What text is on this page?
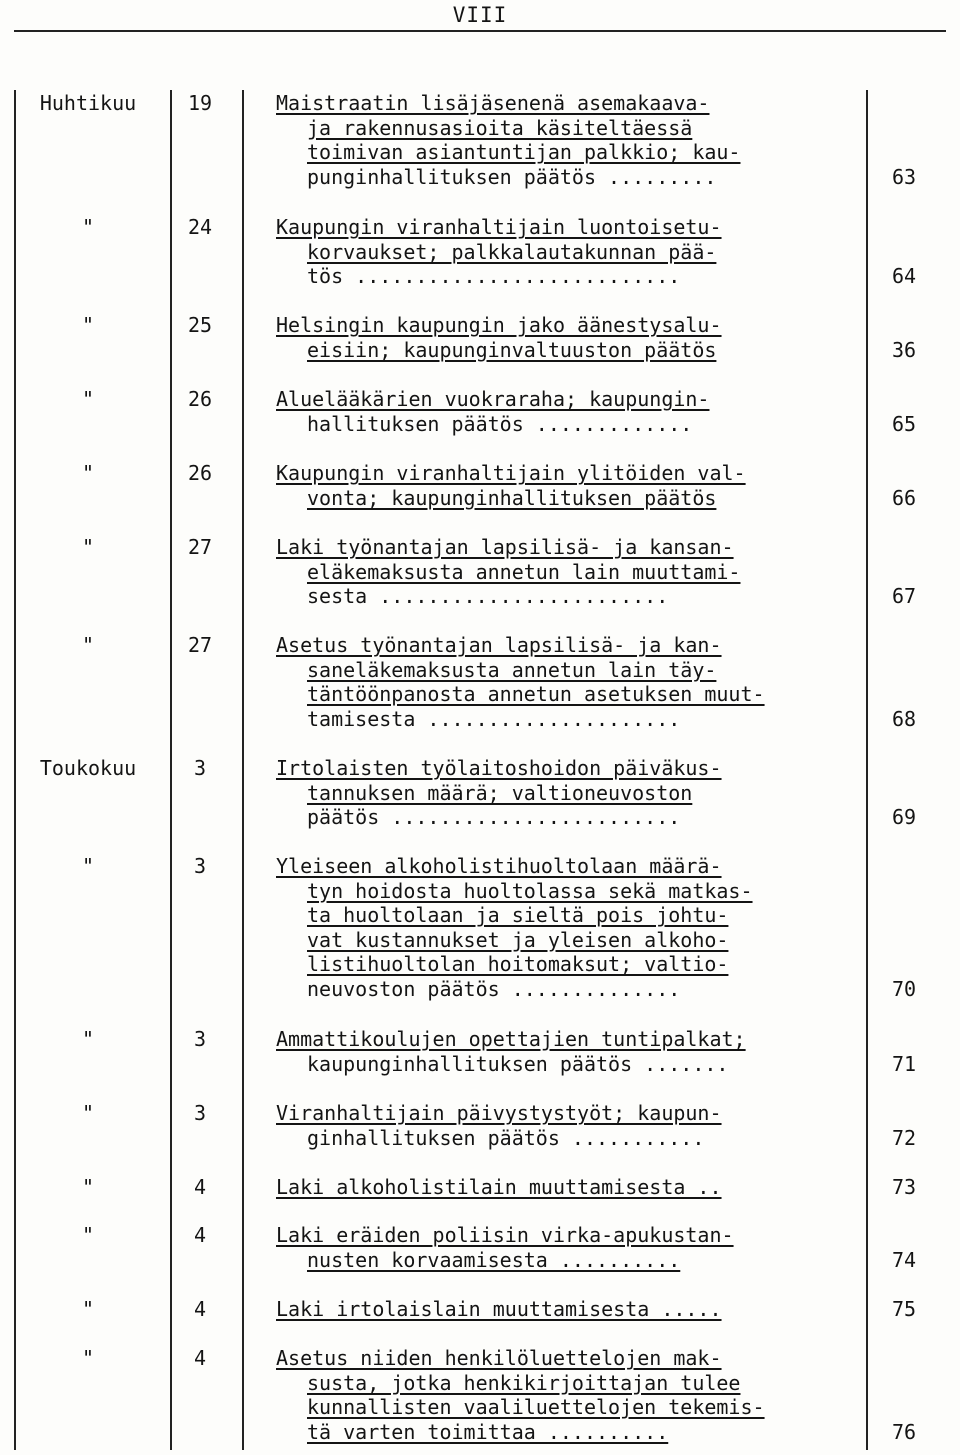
VIII
Huhtikuu	19	Maistraatin lisäjäsenenä asemakaava-
ja rakennusasioita käsiteltäessä
toimivan asiantuntijan palkkio; kau-
punginhallituksen päätös .........	63
"	24	Kaupungin viranhaltijain luontoisetu-
korvaukset; palkkalautakunnan pää-
tös ...........................	64
"	25	Helsingin kaupungin jako äänestysalu-
eisiin; kaupunginvaltuuston päätös	36
"	26	Aluelääkärien vuokraraha; kaupungin-
hallituksen päätös .............	65
"	26	Kaupungin viranhaltijain ylitöiden val-
vonta; kaupunginhallituksen päätös	66
"	27	Laki työnantajan lapsilisä- ja kansan-
eläkemaksusta annetun lain muuttami-
sesta ........................	67
"	27	Asetus työnantajan lapsilisä- ja kan-
saneläkemaksusta annetun lain täy-
täntöönpanosta annetun asetuksen muut-
tamisesta .....................	68
Toukokuu	3	Irtolaisten työlaitoshoidon päiväkus-
tannuksen määrä; valtioneuvoston
päätös ........................	69
"	3	Yleiseen alkoholistihuoltolaan määrä-
tyn hoidosta huoltolassa sekä matkas-
ta huoltolaan ja sieltä pois johtu-
vat kustannukset ja yleisen alkoho-
listihuoltolan hoitomaksut; valtio-
neuvoston päätös ..............	70
"	3	Ammattikoulujen opettajien tuntipalkat;
kaupunginhallituksen päätös .......	71
"	3	Viranhaltijain päivystystyöt; kaupun-
ginhallituksen päätös ...........	72
"	4	Laki alkoholistilain muuttamisesta ..	73
"	4	Laki eräiden poliisin virka-apukustan-
nusten korvaamisesta ..........	74
"	4	Laki irtolaislain muuttamisesta .....	75
"	4	Asetus niiden henkilöluettelojen mak-
susta, jotka henkikirjoittajan tulee
kunnallisten vaaliluettelojen tekemis-
tä varten toimittaa ..........	76
